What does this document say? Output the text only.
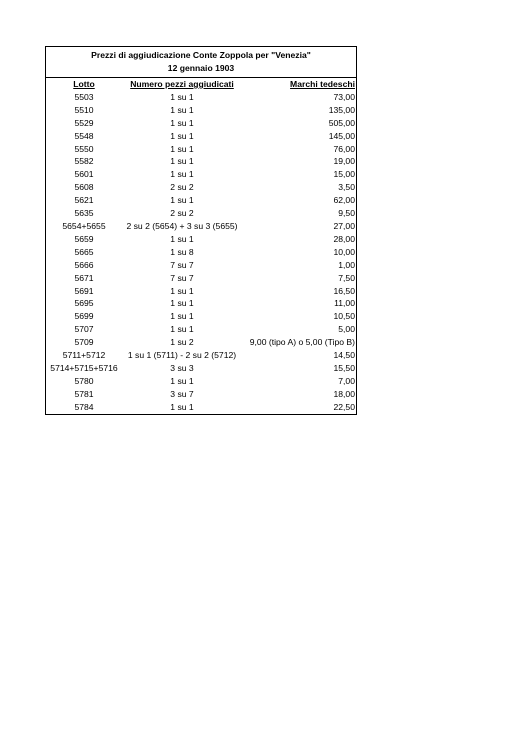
Prezzi di aggiudicazione Conte Zoppola per "Venezia"
12 gennaio 1903
Lotto	Numero pezzi aggiudicati	Marchi tedeschi
5503	1 su 1	73,00
5510	1 su 1	135,00
5529	1 su 1	505,00
5548	1 su 1	145,00
5550	1 su 1	76,00
5582	1 su 1	19,00
5601	1 su 1	15,00
5608	2 su 2	3,50
5621	1 su 1	62,00
5635	2 su 2	9,50
5654+5655	2 su 2 (5654) + 3 su 3 (5655)	27,00
5659	1 su 1	28,00
5665	1 su 8	10,00
5666	7 su 7	1,00
5671	7 su 7	7,50
5691	1 su 1	16,50
5695	1 su 1	11,00
5699	1 su 1	10,50
5707	1 su 1	5,00
5709	1 su 2	9,00 (tipo A) o 5,00 (Tipo B)
5711+5712	1 su 1 (5711) - 2 su 2 (5712)	14,50
5714+5715+5716	3 su 3	15,50
5780	1 su 1	7,00
5781	3 su 7	18,00
5784	1 su 1	22,50
